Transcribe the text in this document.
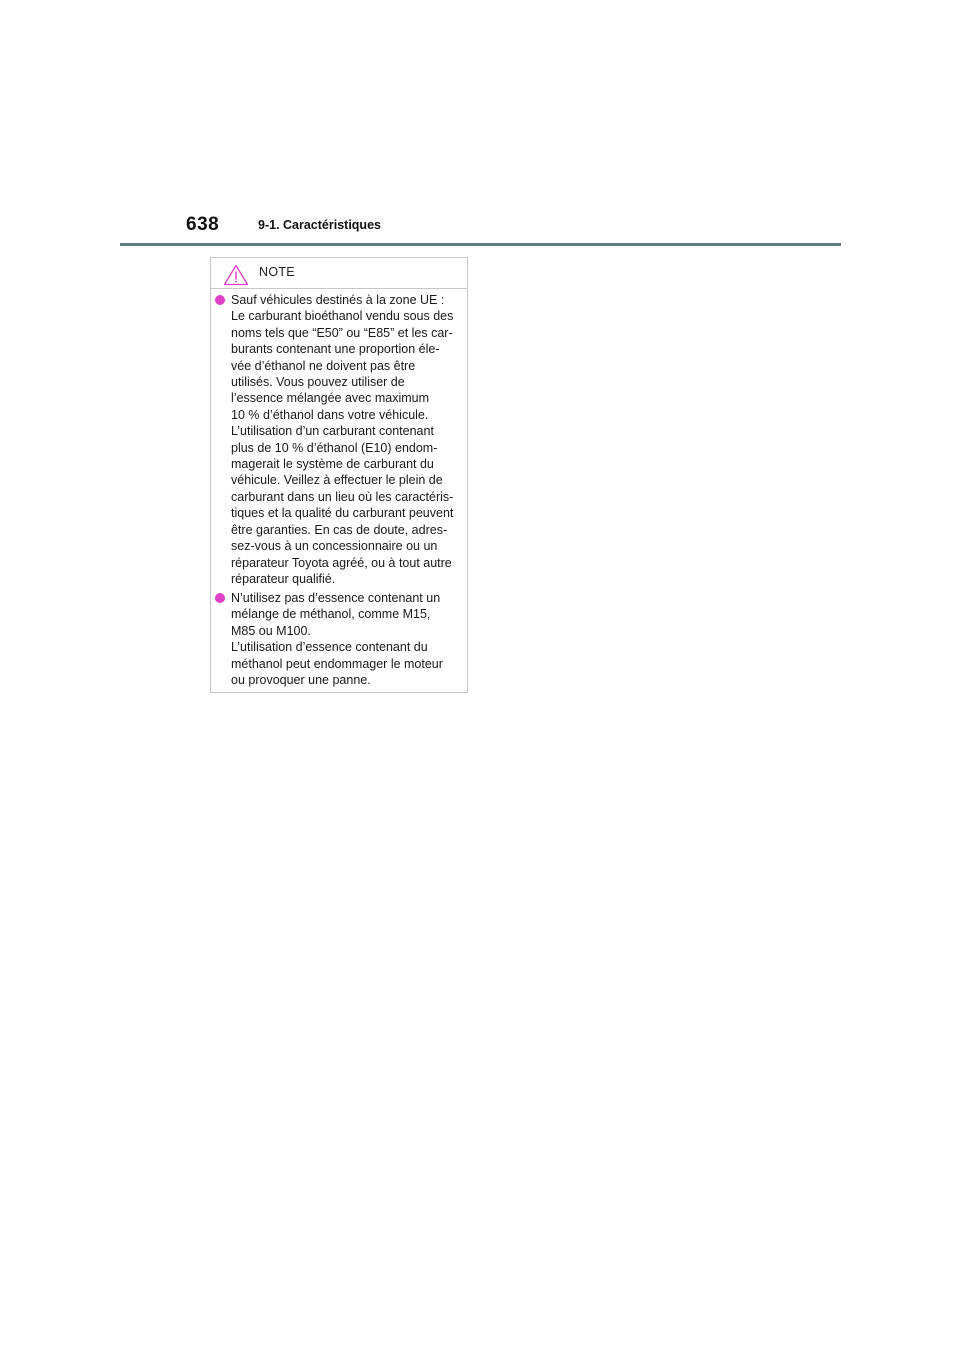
638	9-1. Caractéristiques
NOTE
Sauf véhicules destinés à la zone UE :
Le carburant bioéthanol vendu sous des
noms tels que “E50” ou “E85” et les car-
burants contenant une proportion éle-
vée d’éthanol ne doivent pas être
utilisés. Vous pouvez utiliser de
l’essence mélangée avec maximum
10 % d’éthanol dans votre véhicule.
L’utilisation d’un carburant contenant
plus de 10 % d’éthanol (E10) endom-
magerait le système de carburant du
véhicule. Veillez à effectuer le plein de
carburant dans un lieu où les caractéris-
tiques et la qualité du carburant peuvent
être garanties. En cas de doute, adres-
sez-vous à un concessionnaire ou un
réparateur Toyota agréé, ou à tout autre
réparateur qualifié.
N’utilisez pas d’essence contenant un
mélange de méthanol, comme M15,
M85 ou M100.
L’utilisation d’essence contenant du
méthanol peut endommager le moteur
ou provoquer une panne.
